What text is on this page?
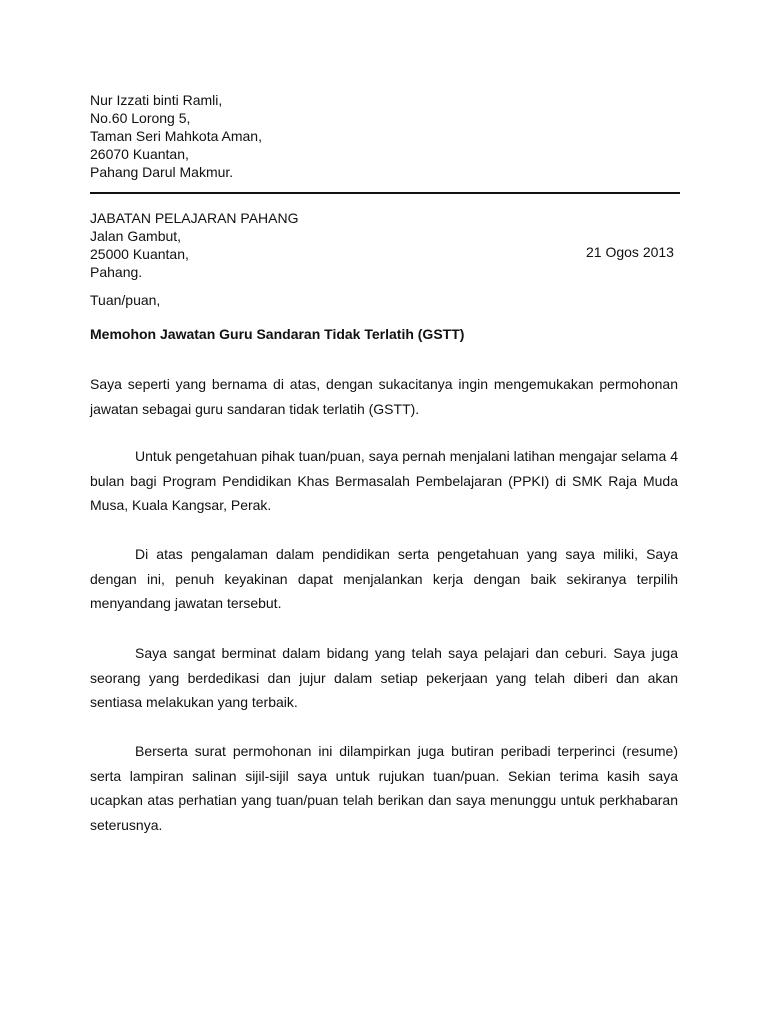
Nur Izzati binti Ramli,
No.60 Lorong 5,
Taman Seri Mahkota Aman,
26070 Kuantan,
Pahang Darul Makmur.
JABATAN PELAJARAN PAHANG
Jalan Gambut,
25000 Kuantan,
Pahang.
21 Ogos 2013
Tuan/puan,
Memohon Jawatan Guru Sandaran Tidak Terlatih (GSTT)

Saya seperti yang bernama di atas, dengan sukacitanya ingin mengemukakan permohonan jawatan sebagai guru sandaran tidak terlatih (GSTT).

Untuk pengetahuan pihak tuan/puan, saya pernah menjalani latihan mengajar selama 4 bulan bagi Program Pendidikan Khas Bermasalah Pembelajaran (PPKI) di SMK Raja Muda Musa, Kuala Kangsar, Perak.

Di atas pengalaman dalam pendidikan serta pengetahuan yang saya miliki, Saya dengan ini, penuh keyakinan dapat menjalankan kerja dengan baik sekiranya terpilih menyandang jawatan tersebut.

Saya sangat berminat dalam bidang yang telah saya pelajari dan ceburi. Saya juga seorang yang berdedikasi dan jujur dalam setiap pekerjaan yang telah diberi dan akan sentiasa melakukan yang terbaik.

Berserta surat permohonan ini dilampirkan juga butiran peribadi terperinci (resume) serta lampiran salinan sijil-sijil saya untuk rujukan tuan/puan. Sekian terima kasih saya ucapkan atas perhatian yang tuan/puan telah berikan dan saya menunggu untuk perkhabaran seterusnya.
